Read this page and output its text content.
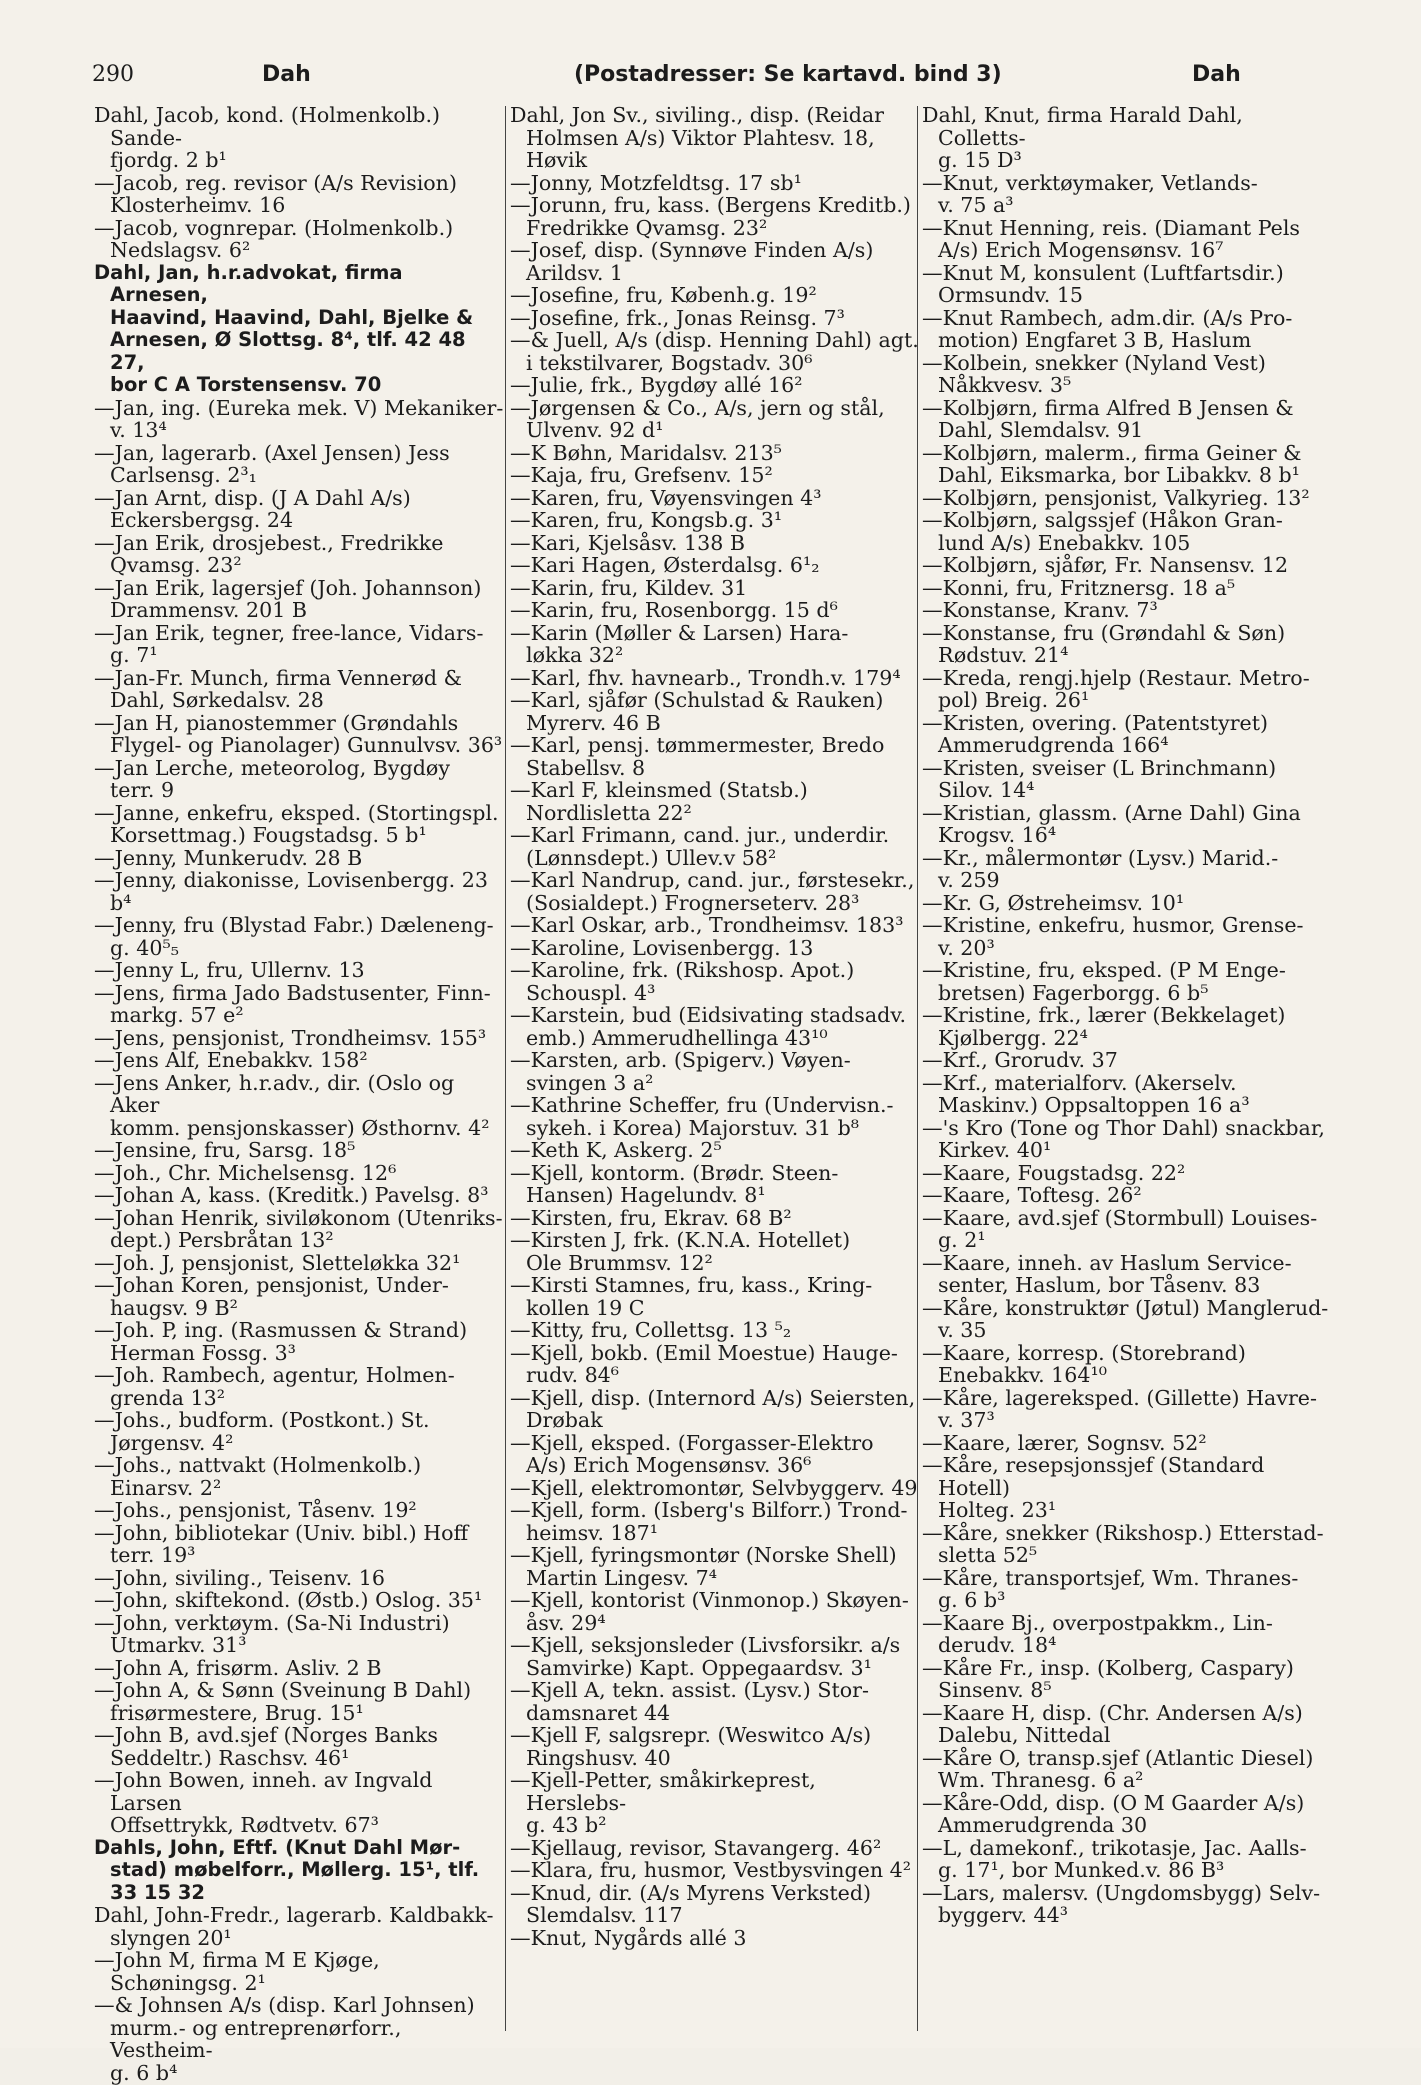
290	Dah	(Postadresser: Se kartavd. bind 3)	Dah

Dahl, Jacob, kond. (Holmenkolb.) Sande-
fjordg. 2 b¹

—Jacob, reg. revisor (A/s Revision)
Klosterheimv. 16

—Jacob, vognrepar. (Holmenkolb.)
Nedslagsv. 6²

Dahl, Jan, h.r.advokat, firma Arnesen,
Haavind, Haavind, Dahl, Bjelke &
Arnesen, Ø Slottsg. 8⁴, tlf. 42 48 27,
bor C A Torstensensv. 70

—Jan, ing. (Eureka mek. V) Mekaniker-
v. 13⁴

—Jan, lagerarb. (Axel Jensen) Jess
Carlsensg. 2³₁

—Jan Arnt, disp. (J A Dahl A/s)
Eckersbergsg. 24

—Jan Erik, drosjebest., Fredrikke
Qvamsg. 23²

—Jan Erik, lagersjef (Joh. Johannson)
Drammensv. 201 B

—Jan Erik, tegner, free-lance, Vidars-
g. 7¹

—Jan-Fr. Munch, firma Vennerød &
Dahl, Sørkedalsv. 28

—Jan H, pianostemmer (Grøndahls
Flygel- og Pianolager) Gunnulvsv. 36³

—Jan Lerche, meteorolog, Bygdøy
terr. 9

—Janne, enkefru, eksped. (Stortingspl.
Korsettmag.) Fougstadsg. 5 b¹

—Jenny, Munkerudv. 28 B

—Jenny, diakonisse, Lovisenbergg. 23 b⁴

—Jenny, fru (Blystad Fabr.) Dæleneng-
g. 40⁵₅

—Jenny L, fru, Ullernv. 13

—Jens, firma Jado Badstusenter, Finn-
markg. 57 e²

—Jens, pensjonist, Trondheimsv. 155³

—Jens Alf, Enebakkv. 158²

—Jens Anker, h.r.adv., dir. (Oslo og Aker
komm. pensjonskasser) Østhornv. 4²

—Jensine, fru, Sarsg. 18⁵

—Joh., Chr. Michelsensg. 12⁶

—Johan A, kass. (Kreditk.) Pavelsg. 8³

—Johan Henrik, siviløkonom (Utenriks-
dept.) Persbråtan 13²

—Joh. J, pensjonist, Sletteløkka 32¹

—Johan Koren, pensjonist, Under-
haugsv. 9 B²

—Joh. P, ing. (Rasmussen & Strand)
Herman Fossg. 3³

—Joh. Rambech, agentur, Holmen-
grenda 13²

—Johs., budform. (Postkont.) St.
Jørgensv. 4²

—Johs., nattvakt (Holmenkolb.)
Einarsv. 2²

—Johs., pensjonist, Tåsenv. 19²

—John, bibliotekar (Univ. bibl.) Hoff
terr. 19³

—John, siviling., Teisenv. 16

—John, skiftekond. (Østb.) Oslog. 35¹

—John, verktøym. (Sa-Ni Industri)
Utmarkv. 31³

—John A, frisørm. Asliv. 2 B

—John A, & Sønn (Sveinung B Dahl)
frisørmestere, Brug. 15¹

—John B, avd.sjef (Norges Banks
Seddeltr.) Raschsv. 46¹

—John Bowen, inneh. av Ingvald Larsen
Offsettrykk, Rødtvetv. 67³

Dahls, John, Eftf. (Knut Dahl Mør-
stad) møbelforr., Møllerg. 15¹, tlf.
33 15 32

Dahl, John-Fredr., lagerarb. Kaldbakk-
slyngen 20¹

—John M, firma M E Kjøge,
Schøningsg. 2¹

—& Johnsen A/s (disp. Karl Johnsen)
murm.- og entreprenørforr., Vestheim-
g. 6 b⁴

Dahl, Jon Sv., siviling., disp. (Reidar
Holmsen A/s) Viktor Plahtesv. 18,
Høvik

—Jonny, Motzfeldtsg. 17 sb¹

—Jorunn, fru, kass. (Bergens Kreditb.)
Fredrikke Qvamsg. 23²

—Josef, disp. (Synnøve Finden A/s)
Arildsv. 1

—Josefine, fru, Københ.g. 19²

—Josefine, frk., Jonas Reinsg. 7³

—& Juell, A/s (disp. Henning Dahl) agt.
i tekstilvarer, Bogstadv. 30⁶

—Julie, frk., Bygdøy allé 16²

—Jørgensen & Co., A/s, jern og stål,
Ulvenv. 92 d¹

—K Bøhn, Maridalsv. 213⁵

—Kaja, fru, Grefsenv. 15²

—Karen, fru, Vøyensvingen 4³

—Karen, fru, Kongsb.g. 3¹

—Kari, Kjelsåsv. 138 B

—Kari Hagen, Østerdalsg. 6¹₂

—Karin, fru, Kildev. 31

—Karin, fru, Rosenborgg. 15 d⁶

—Karin (Møller & Larsen) Hara-
løkka 32²

—Karl, fhv. havnearb., Trondh.v. 179⁴

—Karl, sjåfør (Schulstad & Rauken)
Myrerv. 46 B

—Karl, pensj. tømmermester, Bredo
Stabellsv. 8

—Karl F, kleinsmed (Statsb.)
Nordlisletta 22²

—Karl Frimann, cand. jur., underdir.
(Lønnsdept.) Ullev.v 58²

—Karl Nandrup, cand. jur., førstesekr.,
(Sosialdept.) Frognerseterv. 28³

—Karl Oskar, arb., Trondheimsv. 183³

—Karoline, Lovisenbergg. 13

—Karoline, frk. (Rikshosp. Apot.)
Schouspl. 4³

—Karstein, bud (Eidsivating stadsadv.
emb.) Ammerudhellinga 43¹⁰

—Karsten, arb. (Spigerv.) Vøyen-
svingen 3 a²

—Kathrine Scheffer, fru (Undervisn.-
sykeh. i Korea) Majorstuv. 31 b⁸

—Keth K, Askerg. 2⁵

—Kjell, kontorm. (Brødr. Steen-
Hansen) Hagelundv. 8¹

—Kirsten, fru, Ekrav. 68 B²

—Kirsten J, frk. (K.N.A. Hotellet)
Ole Brummsv. 12²

—Kirsti Stamnes, fru, kass., Kring-
kollen 19 C

—Kitty, fru, Collettsg. 13 ⁵₂

—Kjell, bokb. (Emil Moestue) Hauge-
rudv. 84⁶

—Kjell, disp. (Internord A/s) Seiersten,
Drøbak

—Kjell, eksped. (Forgasser-Elektro
A/s) Erich Mogensønsv. 36⁶

—Kjell, elektromontør, Selvbyggerv. 49

—Kjell, form. (Isberg's Bilforr.) Trond-
heimsv. 187¹

—Kjell, fyringsmontør (Norske Shell)
Martin Lingesv. 7⁴

—Kjell, kontorist (Vinmonop.) Skøyen-
åsv. 29⁴

—Kjell, seksjonsleder (Livsforsikr. a/s
Samvirke) Kapt. Oppegaardsv. 3¹

—Kjell A, tekn. assist. (Lysv.) Stor-
damsnaret 44

—Kjell F, salgsrepr. (Weswitco A/s)
Ringshusv. 40

—Kjell-Petter, småkirkeprest, Herslebs-
g. 43 b²

—Kjellaug, revisor, Stavangerg. 46²

—Klara, fru, husmor, Vestbysvingen 4²

—Knud, dir. (A/s Myrens Verksted)
Slemdalsv. 117

—Knut, Nygårds allé 3

Dahl, Knut, firma Harald Dahl, Colletts-
g. 15 D³

—Knut, verktøymaker, Vetlands-
v. 75 a³

—Knut Henning, reis. (Diamant Pels
A/s) Erich Mogensønsv. 16⁷

—Knut M, konsulent (Luftfartsdir.)
Ormsundv. 15

—Knut Rambech, adm.dir. (A/s Pro-
motion) Engfaret 3 B, Haslum

—Kolbein, snekker (Nyland Vest)
Nåkkvesv. 3⁵

—Kolbjørn, firma Alfred B Jensen &
Dahl, Slemdalsv. 91

—Kolbjørn, malerm., firma Geiner &
Dahl, Eiksmarka, bor Libakkv. 8 b¹

—Kolbjørn, pensjonist, Valkyrieg. 13²

—Kolbjørn, salgssjef (Håkon Gran-
lund A/s) Enebakkv. 105

—Kolbjørn, sjåfør, Fr. Nansensv. 12

—Konni, fru, Fritznersg. 18 a⁵

—Konstanse, Kranv. 7³

—Konstanse, fru (Grøndahl & Søn)
Rødstuv. 21⁴

—Kreda, rengj.hjelp (Restaur. Metro-
pol) Breig. 26¹

—Kristen, overing. (Patentstyret)
Ammerudgrenda 166⁴

—Kristen, sveiser (L Brinchmann)
Silov. 14⁴

—Kristian, glassm. (Arne Dahl) Gina
Krogsv. 16⁴

—Kr., målermontør (Lysv.) Marid.-
v. 259

—Kr. G, Østreheimsv. 10¹

—Kristine, enkefru, husmor, Grense-
v. 20³

—Kristine, fru, eksped. (P M Enge-
bretsen) Fagerborgg. 6 b⁵

—Kristine, frk., lærer (Bekkelaget)
Kjølbergg. 22⁴

—Krf., Grorudv. 37

—Krf., materialforv. (Akerselv.
Maskinv.) Oppsaltoppen 16 a³

—'s Kro (Tone og Thor Dahl) snackbar,
Kirkev. 40¹

—Kaare, Fougstadsg. 22²

—Kaare, Toftesg. 26²

—Kaare, avd.sjef (Stormbull) Louises-
g. 2¹

—Kaare, inneh. av Haslum Service-
senter, Haslum, bor Tåsenv. 83

—Kåre, konstruktør (Jøtul) Manglerud-
v. 35

—Kaare, korresp. (Storebrand)
Enebakkv. 164¹⁰

—Kåre, lagereksped. (Gillette) Havre-
v. 37³

—Kaare, lærer, Sognsv. 52²

—Kåre, resepsjonssjef (Standard Hotell)
Holteg. 23¹

—Kåre, snekker (Rikshosp.) Etterstad-
sletta 52⁵

—Kåre, transportsjef, Wm. Thranes-
g. 6 b³

—Kaare Bj., overpostpakkm., Lin-
derudv. 18⁴

—Kåre Fr., insp. (Kolberg, Caspary)
Sinsenv. 8⁵

—Kaare H, disp. (Chr. Andersen A/s)
Dalebu, Nittedal

—Kåre O, transp.sjef (Atlantic Diesel)
Wm. Thranesg. 6 a²

—Kåre-Odd, disp. (O M Gaarder A/s)
Ammerudgrenda 30

—L, damekonf., trikotasje, Jac. Aalls-
g. 17¹, bor Munked.v. 86 B³

—Lars, malersv. (Ungdomsbygg) Selv-
byggerv. 44³
